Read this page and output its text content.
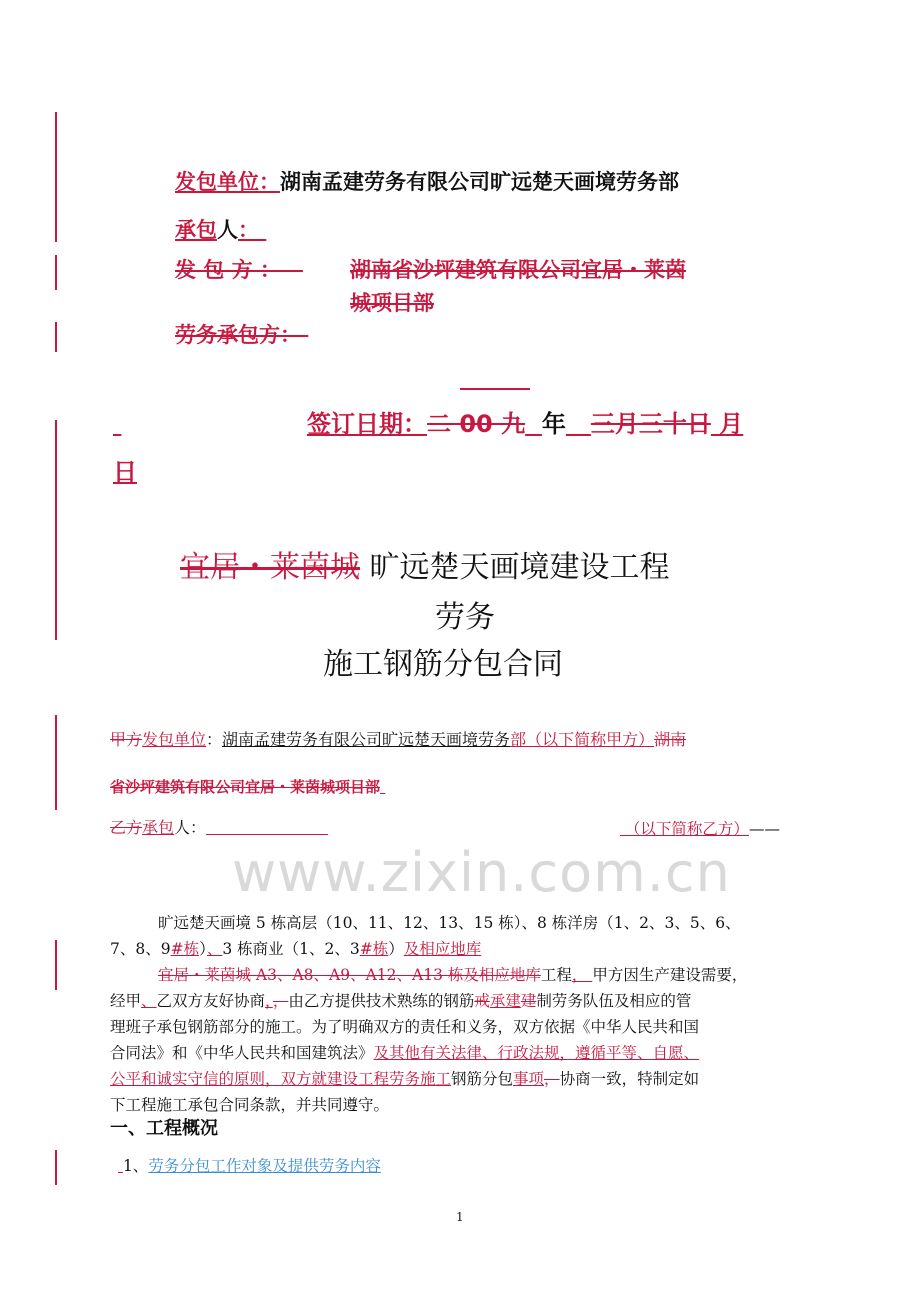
www.zixin.com.cn
发包单位：湖南孟建劳务有限公司旷远楚天画境劳务部
承包人：
发 包 方 ： 湖南省沙坪建筑有限公司宜居・莱茵
城项目部
劳务承包方：

签订日期：二 00 九 年 三月三十日 月
日
宜居・莱茵城 旷远楚天画境建设工程
劳务
施工钢筋分包合同
甲方发包单位：湖南孟建劳务有限公司旷远楚天画境劳务部（以下简称甲方）湖南
省沙坪建筑有限公司宜居・莱茵城项目部
乙方承包人：	（以下简称乙方）——
旷远楚天画境 5 栋高层（10、11、12、13、15 栋）、8 栋洋房（1、2、3、5、6、
7、8、9#栋）、3 栋商业（1、2、3#栋）及相应地库
宜居・莱茵城 A3、A8、A9、A12、A13 栋及相应地库工程， 甲方因生产建设需要，
经甲、乙双方友好协商，，由乙方提供技术熟练的钢筋戒承建建制劳务队伍及相应的管
理班子承包钢筋部分的施工。为了明确双方的责任和义务，双方依据《中华人民共和国
合同法》和《中华人民共和国建筑法》及其他有关法律、行政法规，遵循平等、自愿、
公平和诚实守信的原则，双方就建设工程劳务施工钢筋分包事项，协商一致，特制定如
下工程施工承包合同条款，并共同遵守。
一、工程概况
1、劳务分包工作对象及提供劳务内容
1
